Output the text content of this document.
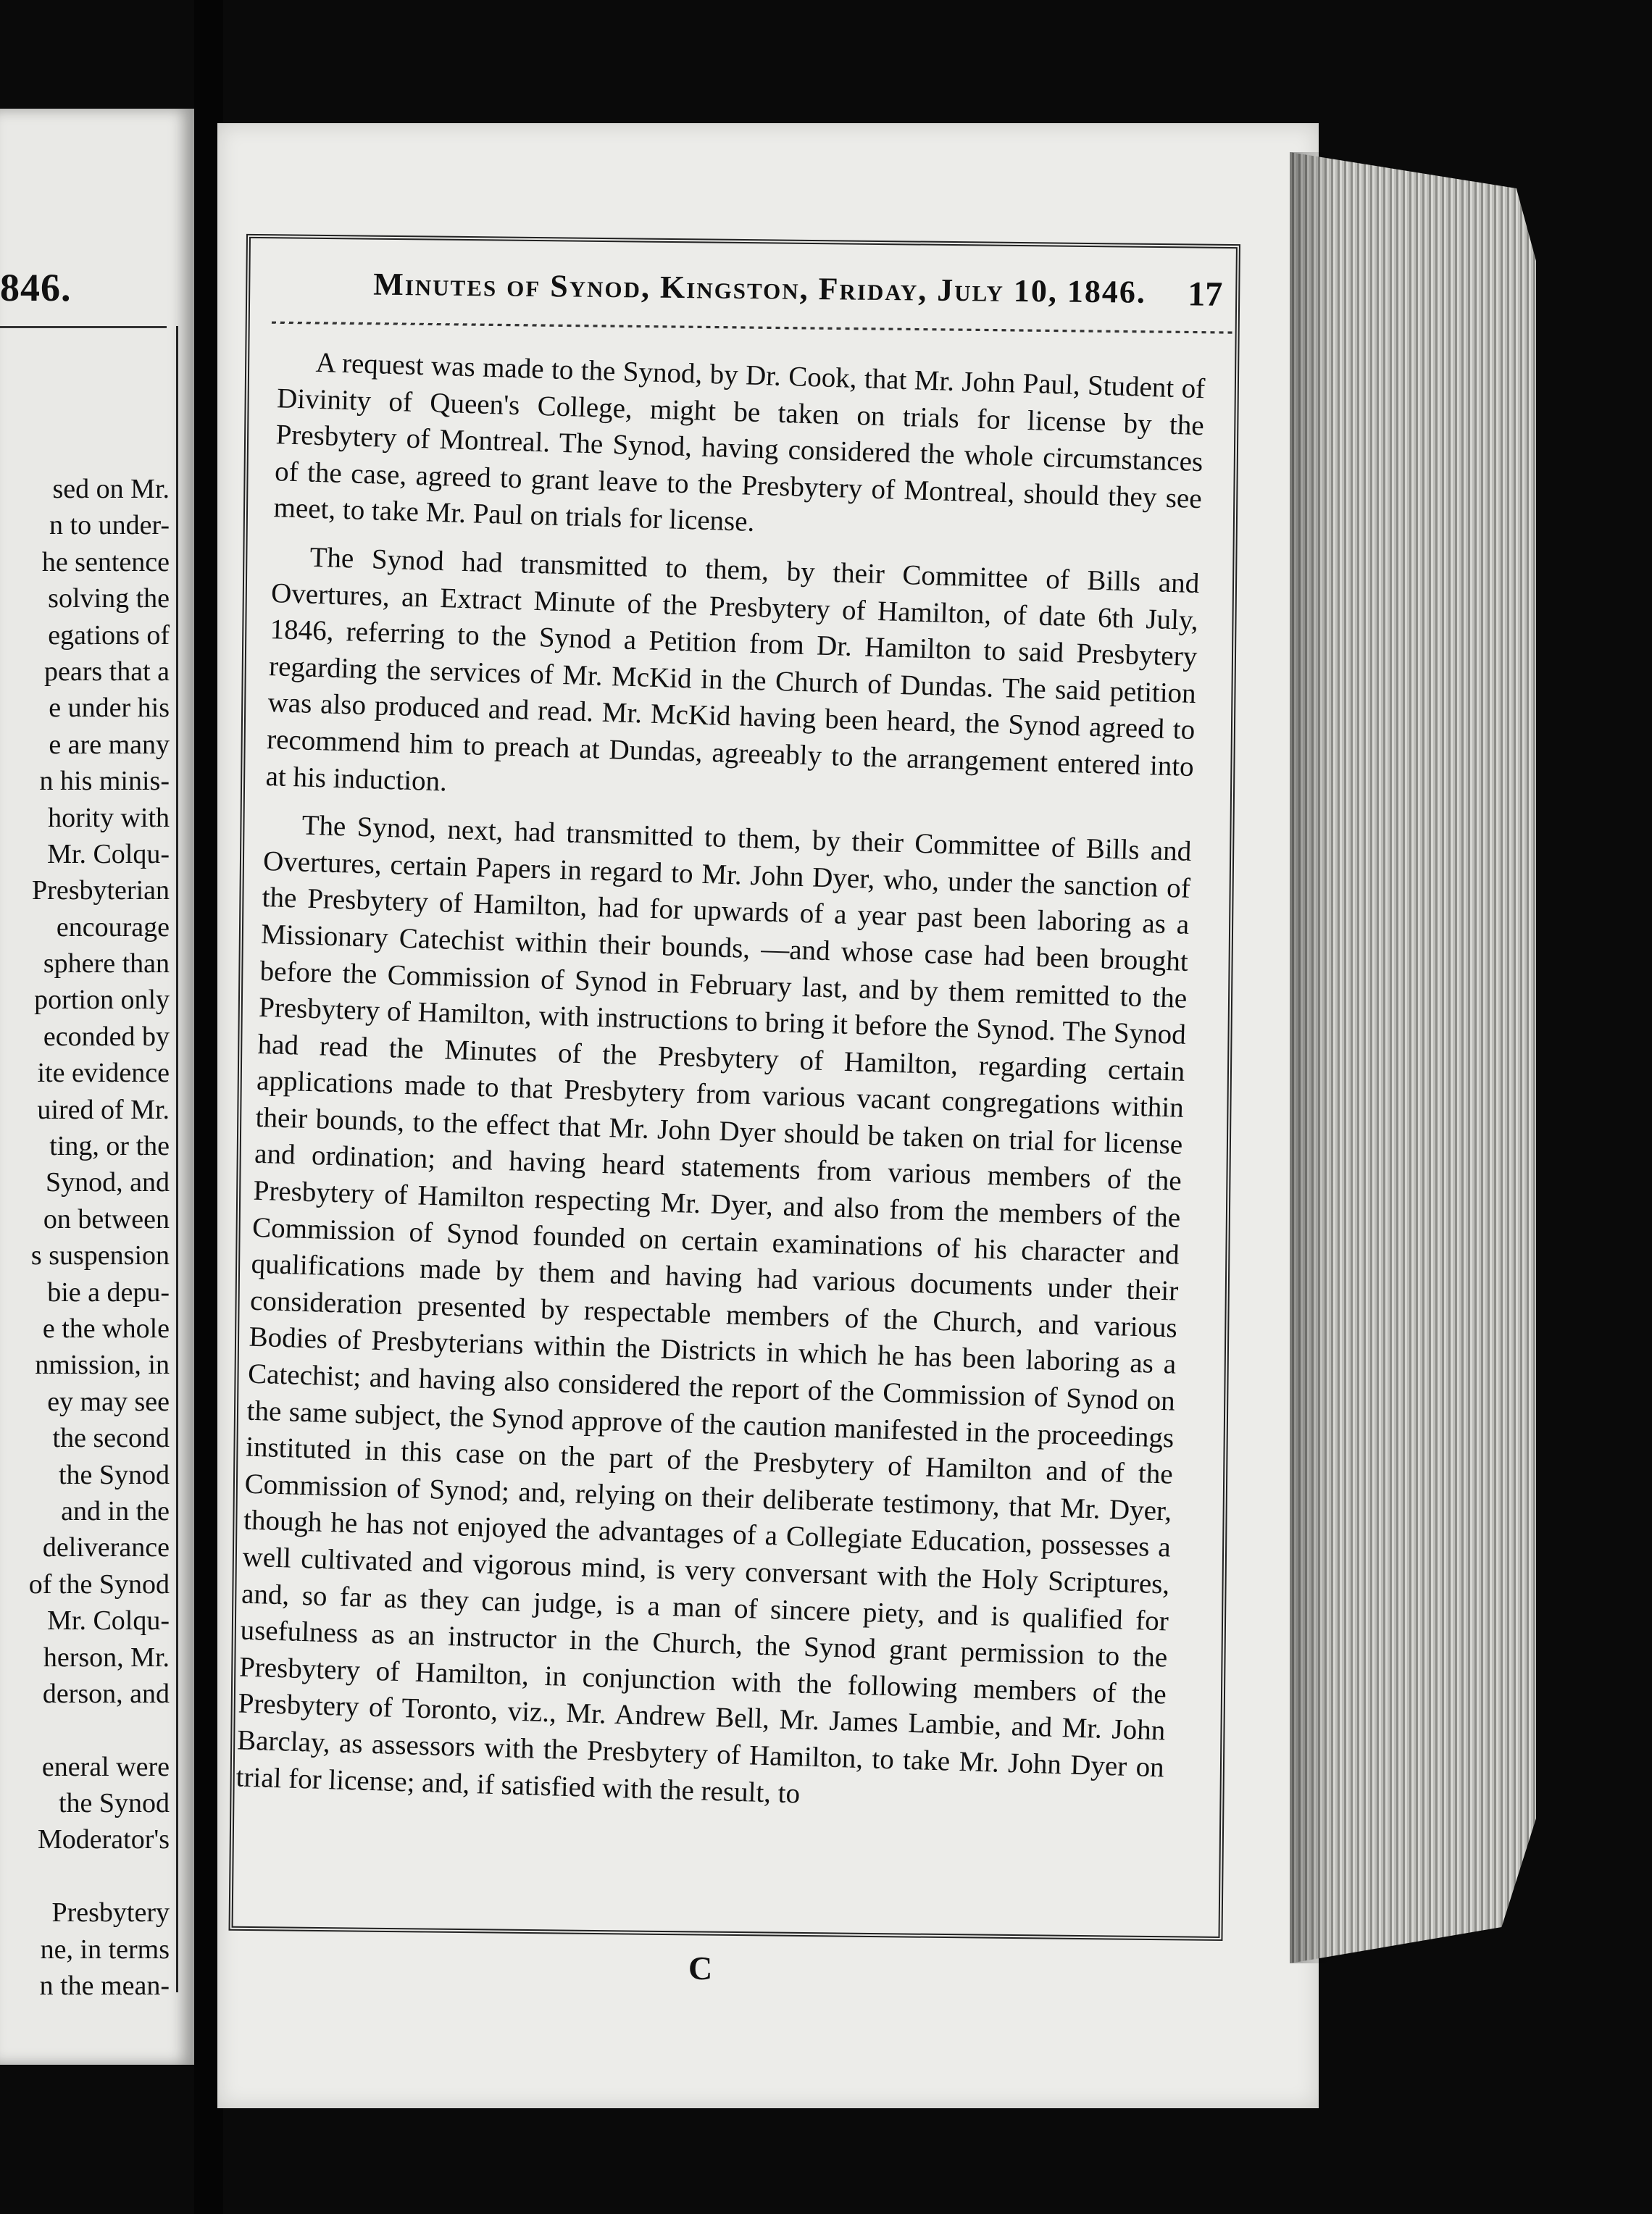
846.
sed on Mr.
n to under-
he sentence
solving the
egations of
pears that a
e under his
e are many
n his minis-
hority with
Mr. Colqu-
Presbyterian
encourage
sphere than
portion only
econded by
ite evidence
uired of Mr.
ting, or the
Synod, and
on between
s suspension
bie a depu-
e the whole
nmission, in
ey may see
the second
the Synod
and in the
deliverance
of the Synod
Mr. Colqu-
herson, Mr.
derson, and
eneral were
the Synod
Moderator's
Presbytery
ne, in terms
n the mean-
Minutes of Synod, Kingston, Friday, July 10, 1846. 17

A request was made to the Synod, by Dr. Cook, that Mr. John Paul, Student of Divinity of Queen's College, might be taken on trials for license by the Presbytery of Montreal. The Synod, having considered the whole circumstances of the case, agreed to grant leave to the Presbytery of Montreal, should they see meet, to take Mr. Paul on trials for license.

The Synod had transmitted to them, by their Committee of Bills and Overtures, an Extract Minute of the Presbytery of Hamilton, of date 6th July, 1846, referring to the Synod a Petition from Dr. Hamilton to said Presbytery regarding the services of Mr. McKid in the Church of Dundas. The said petition was also produced and read. Mr. McKid having been heard, the Synod agreed to recommend him to preach at Dundas, agreeably to the arrangement entered into at his induction.

The Synod, next, had transmitted to them, by their Committee of Bills and Overtures, certain Papers in regard to Mr. John Dyer, who, under the sanction of the Presbytery of Hamilton, had for upwards of a year past been laboring as a Missionary Catechist within their bounds, —and whose case had been brought before the Commission of Synod in February last, and by them remitted to the Presbytery of Hamilton, with instructions to bring it before the Synod. The Synod had read the Minutes of the Presbytery of Hamilton, regarding certain applications made to that Presbytery from various vacant congregations within their bounds, to the effect that Mr. John Dyer should be taken on trial for license and ordination; and having heard statements from various members of the Presbytery of Hamilton respecting Mr. Dyer, and also from the members of the Commission of Synod founded on certain examinations of his character and qualifications made by them and having had various documents under their consideration presented by respectable members of the Church, and various Bodies of Presbyterians within the Districts in which he has been laboring as a Catechist; and having also considered the report of the Commission of Synod on the same subject, the Synod approve of the caution manifested in the proceedings instituted in this case on the part of the Presbytery of Hamilton and of the Commission of Synod; and, relying on their deliberate testimony, that Mr. Dyer, though he has not enjoyed the advantages of a Collegiate Education, possesses a well cultivated and vigorous mind, is very conversant with the Holy Scriptures, and, so far as they can judge, is a man of sincere piety, and is qualified for usefulness as an instructor in the Church, the Synod grant permission to the Presbytery of Hamilton, in conjunction with the following members of the Presbytery of Toronto, viz., Mr. Andrew Bell, Mr. James Lambie, and Mr. John Barclay, as assessors with the Presbytery of Hamilton, to take Mr. John Dyer on trial for license; and, if satisfied with the result, to

C
